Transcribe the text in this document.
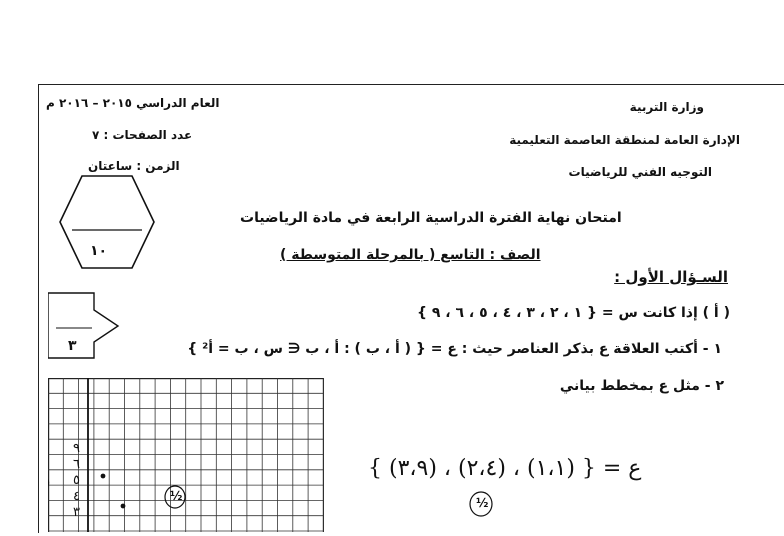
وزارة التربية
الإدارة العامة لمنطقة العاصمة التعليمية
التوجيه الفني للرياضيات
العام الدراسي ٢٠١٥ – ٢٠١٦ م
عدد الصفحات : ٧
الزمن : ساعتان
امتحان نهاية الفترة الدراسية الرابعة في مادة الرياضيات
الصف : التاسع ( بالمرحلة المتوسطة )
١٠
٣
السـؤال الأول :
( أ ) إذا كانت س = { ١ ، ٢ ، ٣ ، ٤ ، ٥ ، ٦ ، ٩ }
١ - أكتب العلاقة ع بذكر العناصر حيث : ع = { ( أ ، ب ) : أ ، ب ∈ س ، ب = أ² }
٢ - مثل ع بمخطط بياني
٩
٦
٥
٤
٣
½	½
ع = { (١،١) ، (٢،٤) ، (٣،٩) }
